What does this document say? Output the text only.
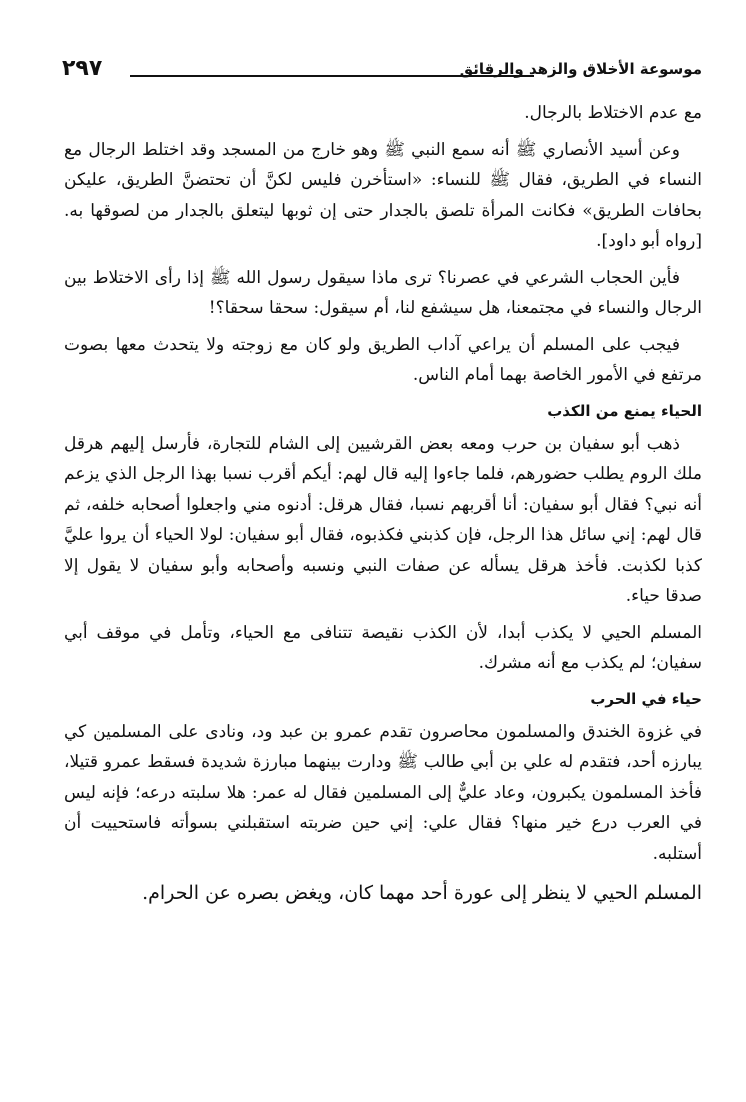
٢٩٧	موسوعة الأخلاق والزهد والرقائق

مع عدم الاختلاط بالرجال.

وعن أسيد الأنصاري ﷺ أنه سمع النبي ﷺ وهو خارج من المسجد وقد اختلط الرجال مع النساء في الطريق، فقال ﷺ للنساء: «استأخرن فليس لكنَّ أن تحتضنَّ الطريق، عليكن بحافات الطريق» فكانت المرأة تلصق بالجدار حتى إن ثوبها ليتعلق بالجدار من لصوقها به. [رواه أبو داود].

فأين الحجاب الشرعي في عصرنا؟ ترى ماذا سيقول رسول الله ﷺ إذا رأى الاختلاط بين الرجال والنساء في مجتمعنا، هل سيشفع لنا، أم سيقول: سحقا سحقا؟!

فيجب على المسلم أن يراعي آداب الطريق ولو كان مع زوجته ولا يتحدث معها بصوت مرتفع في الأمور الخاصة بهما أمام الناس.

الحياء يمنع من الكذب

ذهب أبو سفيان بن حرب ومعه بعض القرشيين إلى الشام للتجارة، فأرسل إليهم هرقل ملك الروم يطلب حضورهم، فلما جاءوا إليه قال لهم: أيكم أقرب نسبا بهذا الرجل الذي يزعم أنه نبي؟ فقال أبو سفيان: أنا أقربهم نسبا، فقال هرقل: أدنوه مني واجعلوا أصحابه خلفه، ثم قال لهم: إني سائل هذا الرجل، فإن كذبني فكذبوه، فقال أبو سفيان: لولا الحياء أن يروا عليَّ كذبا لكذبت. فأخذ هرقل يسأله عن صفات النبي ونسبه وأصحابه وأبو سفيان لا يقول إلا صدقا حياء.

المسلم الحيي لا يكذب أبدا، لأن الكذب نقيصة تتنافى مع الحياء، وتأمل في موقف أبي سفيان؛ لم يكذب مع أنه مشرك.

حياء في الحرب

في غزوة الخندق والمسلمون محاصرون تقدم عمرو بن عبد ود، ونادى على المسلمين كي يبارزه أحد، فتقدم له علي بن أبي طالب ﷺ ودارت بينهما مبارزة شديدة فسقط عمرو قتيلا، فأخذ المسلمون يكبرون، وعاد عليٌّ إلى المسلمين فقال له عمر: هلا سلبته درعه؛ فإنه ليس في العرب درع خير منها؟ فقال علي: إني حين ضربته استقبلني بسوأته فاستحييت أن أستلبه.

المسلم الحيي لا ينظر إلى عورة أحد مهما كان، ويغض بصره عن الحرام.
